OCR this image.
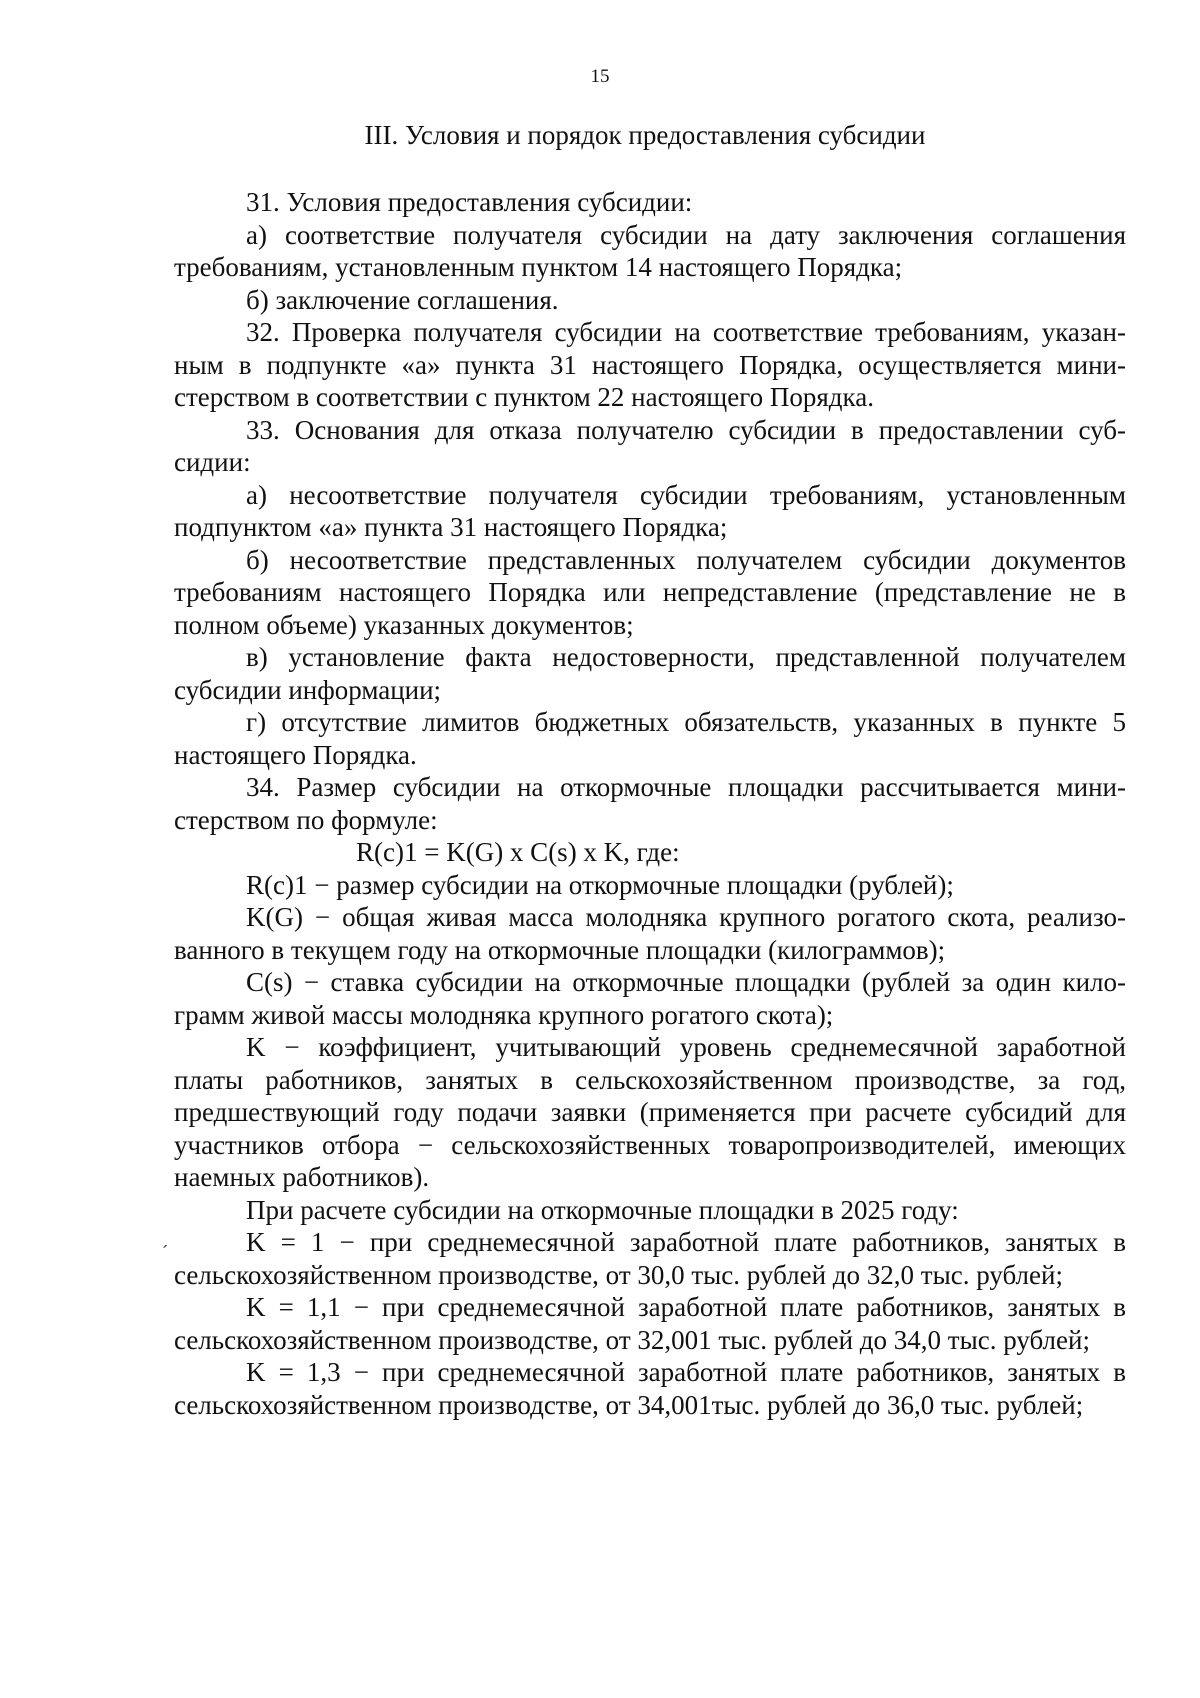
15
III. Условия и порядок предоставления субсидии

31. Условия предоставления субсидии:

а) соответствие получателя субсидии на дату заключения соглашения требованиям, установленным пунктом 14 настоящего Порядка;

б) заключение соглашения.

32. Проверка получателя субсидии на соответствие требованиям, указанным в подпункте «а» пункта 31 настоящего Порядка, осуществляется министерством в соответствии с пунктом 22 настоящего Порядка.

33. Основания для отказа получателю субсидии в предоставлении субсидии:

а) несоответствие получателя субсидии требованиям, установленным подпунктом «а» пункта 31 настоящего Порядка;

б) несоответствие представленных получателем субсидии документов требованиям настоящего Порядка или непредставление (представление не в полном объеме) указанных документов;

в) установление факта недостоверности, представленной получателем субсидии информации;

г) отсутствие лимитов бюджетных обязательств, указанных в пункте 5 настоящего Порядка.

34. Размер субсидии на откормочные площадки рассчитывается министерством по формуле:

R(c)1 = K(G) x C(s) x K, где:

R(c)1 − размер субсидии на откормочные площадки (рублей);

K(G) − общая живая масса молодняка крупного рогатого скота, реализованного в текущем году на откормочные площадки (килограммов);

C(s) − ставка субсидии на откормочные площадки (рублей за один килограмм живой массы молодняка крупного рогатого скота);

K − коэффициент, учитывающий уровень среднемесячной заработной платы работников, занятых в сельскохозяйственном производстве, за год, предшествующий году подачи заявки (применяется при расчете субсидий для участников отбора − сельскохозяйственных товаропроизводителей, имеющих наемных работников).

При расчете субсидии на откормочные площадки в 2025 году:

K = 1 − при среднемесячной заработной плате работников, занятых в сельскохозяйственном производстве, от 30,0 тыс. рублей до 32,0 тыс. рублей;

K = 1,1 − при среднемесячной заработной плате работников, занятых в сельскохозяйственном производстве, от 32,001 тыс. рублей до 34,0 тыс. рублей;

K = 1,3 − при среднемесячной заработной плате работников, занятых в сельскохозяйственном производстве, от 34,001тыс. рублей до 36,0 тыс. рублей;

´
